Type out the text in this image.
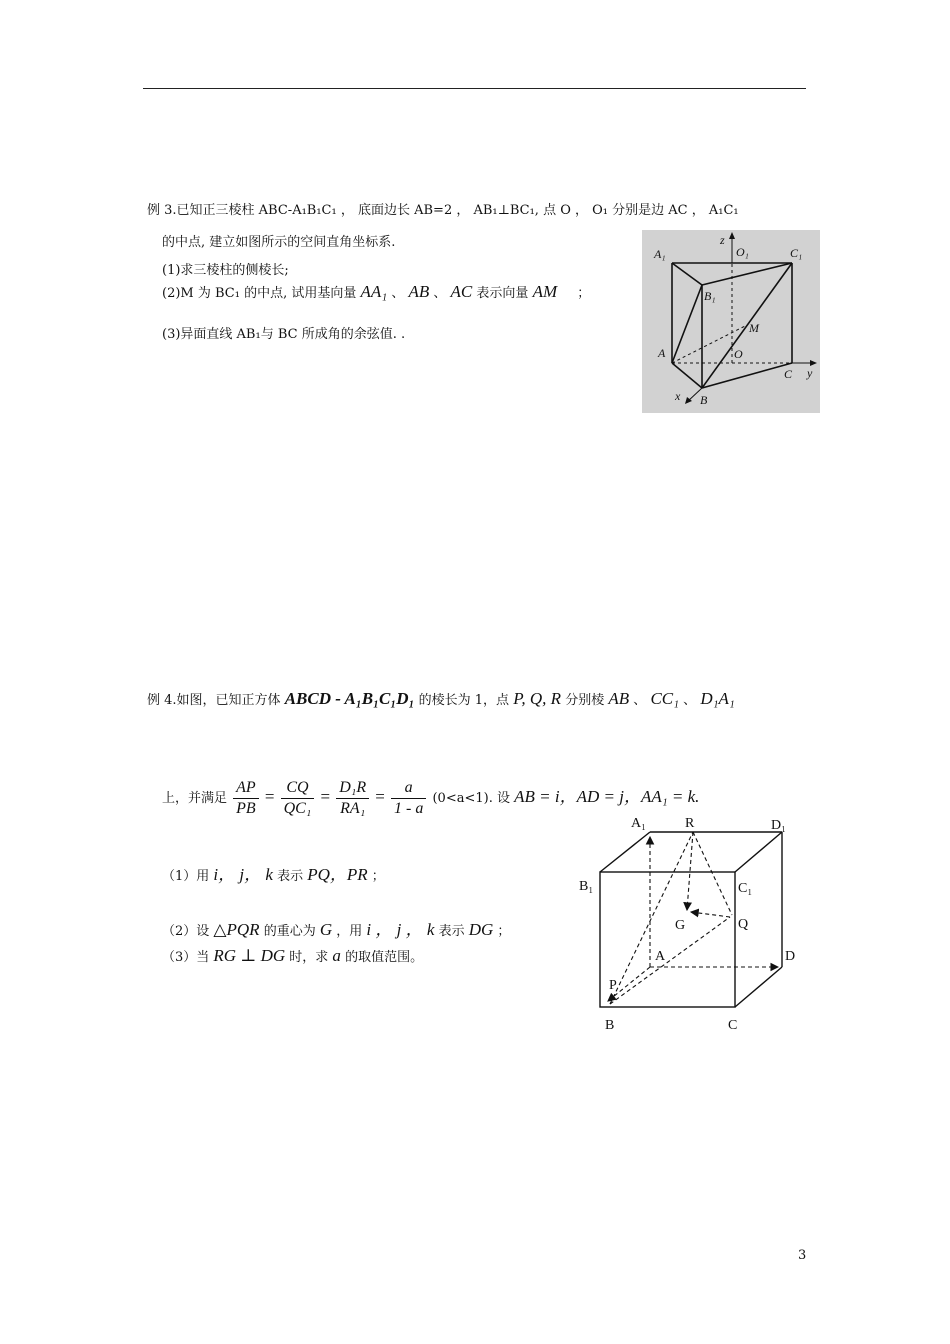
例 3.已知正三棱柱 ABC-A₁B₁C₁ ， 底面边长 AB=2 ， AB₁⊥BC₁, 点 O ， O₁ 分别是边 AC ， A₁C₁
的中点, 建立如图所示的空间直角坐标系.
(1)求三棱柱的侧棱长;
(2)M 为 BC₁ 的中点, 试用基向量 AA₁ 、 AB 、 AC 表示向量 AM ；
(3)异面直线 AB₁与 BC 所成角的余弦值. .
A₁
z
O₁	C₁
B₁
M
A	O
C y
x B
例 4.如图，已知正方体 ABCD - A₁B₁C₁D₁ 的棱长为 1，点 P, Q, R 分别棱 AB 、 CC₁ 、 D₁A₁
上，并满足 $\frac{AP}{PB} = \frac{CQ}{\text{QC₁}} = \frac{\text{D₁R}}{\text{RA₁}} = \frac{a}{1 - a} (0<a<1)$. 设 AB = i，AD = j，AA₁ = k.
（1）用 i， j， k 表示 PQ，PR ；
（2）设 △PQR 的重心为 G ，用 i ， j ， k 表示 DG ；
（3）当 RG ⊥ DG 时，求 a 的取值范围。
A₁	R	D₁
B₁	C₁
G	Q
A	D
P
B	C
3
